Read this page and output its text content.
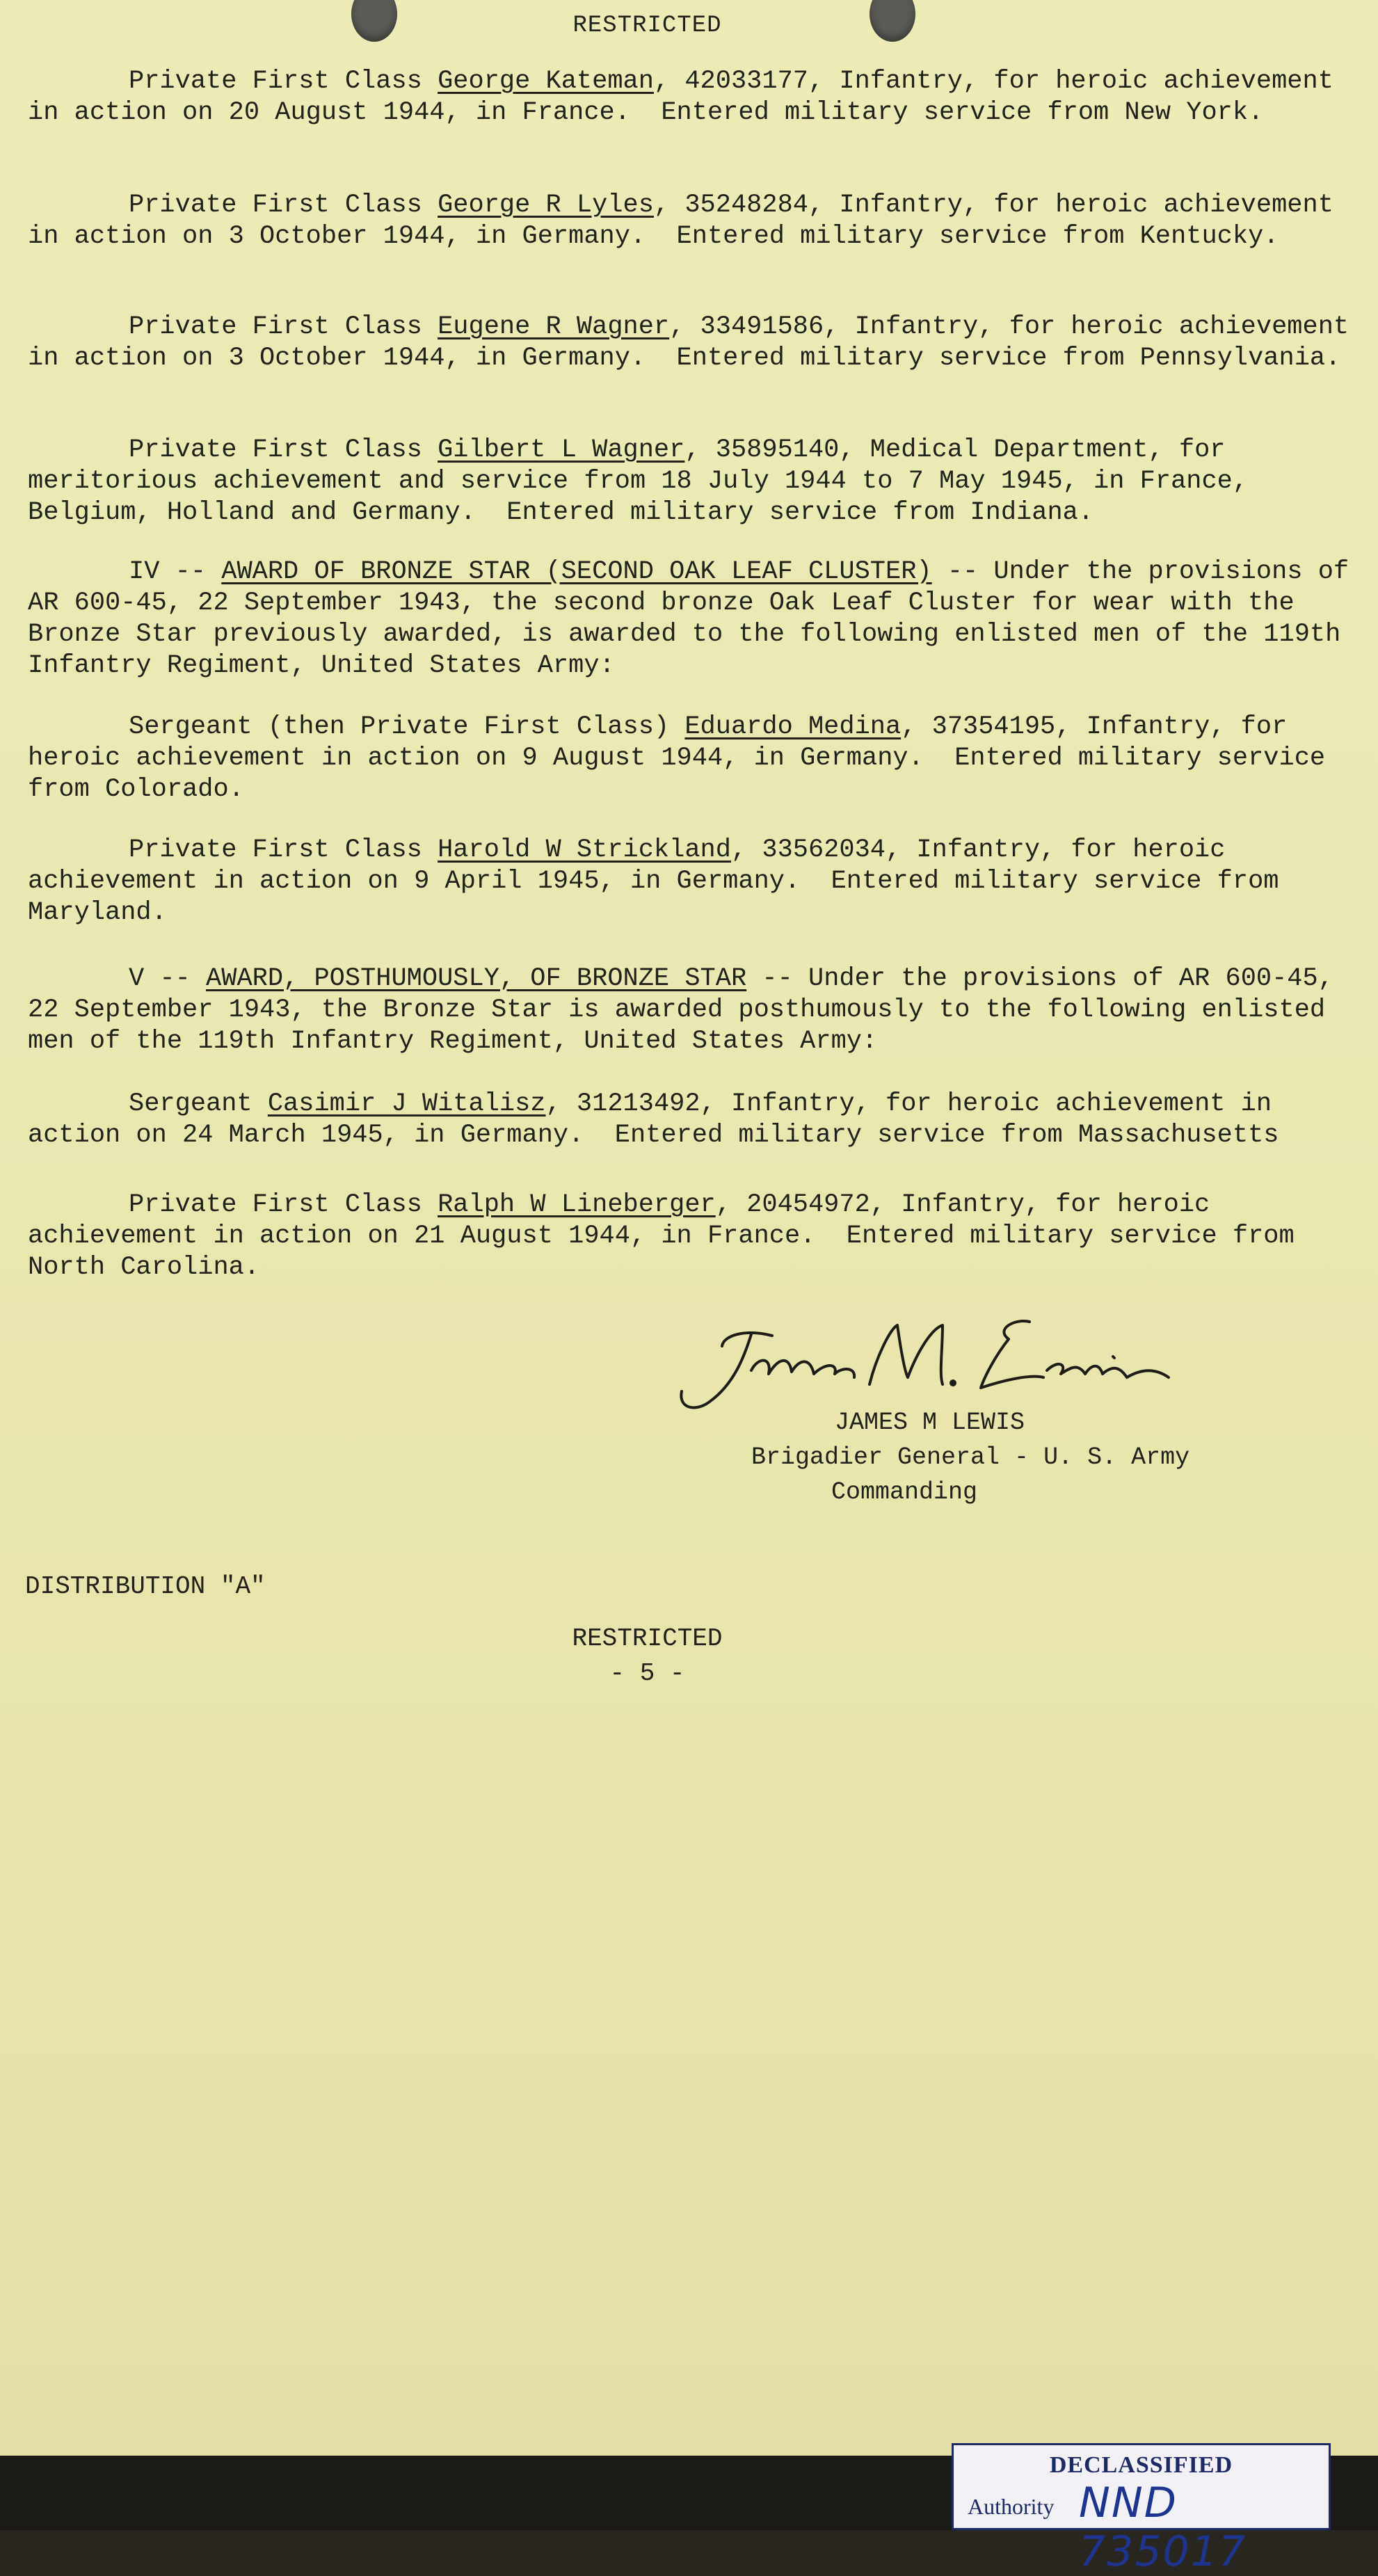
RESTRICTED
Private First Class George Kateman, 42033177, Infantry, for heroic achievement in action on 20 August 1944, in France.  Entered military service from New York.
Private First Class George R Lyles, 35248284, Infantry, for heroic achievement in action on 3 October 1944, in Germany.  Entered military service from Kentucky.
Private First Class Eugene R Wagner, 33491586, Infantry, for heroic achievement in action on 3 October 1944, in Germany.  Entered military service from Pennsylvania.
Private First Class Gilbert L Wagner, 35895140, Medical Department, for meritorious achievement and service from 18 July 1944 to 7 May 1945, in France, Belgium, Holland and Germany.  Entered military service from Indiana.
IV -- AWARD OF BRONZE STAR (SECOND OAK LEAF CLUSTER) -- Under the provisions of AR 600-45, 22 September 1943, the second bronze Oak Leaf Cluster for wear with the Bronze Star previously awarded, is awarded to the following enlisted men of the 119th Infantry Regiment, United States Army:
Sergeant (then Private First Class) Eduardo Medina, 37354195, Infantry, for heroic achievement in action on 9 August 1944, in Germany.  Entered military service from Colorado.
Private First Class Harold W Strickland, 33562034, Infantry, for heroic achievement in action on 9 April 1945, in Germany.  Entered military service from Maryland.
V -- AWARD, POSTHUMOUSLY, OF BRONZE STAR -- Under the provisions of AR 600-45, 22 September 1943, the Bronze Star is awarded posthumously to the following enlisted men of the 119th Infantry Regiment, United States Army:
Sergeant Casimir J Witalisz, 31213492, Infantry, for heroic achievement in action on 24 March 1945, in Germany.  Entered military service from Massachusetts
Private First Class Ralph W Lineberger, 20454972, Infantry, for heroic achievement in action on 21 August 1944, in France.  Entered military service from North Carolina.
JAMES M LEWIS
Brigadier General - U. S. Army
Commanding
DISTRIBUTION "A"
RESTRICTED
- 5 -
DECLASSIFIED
Authority NND 735017
